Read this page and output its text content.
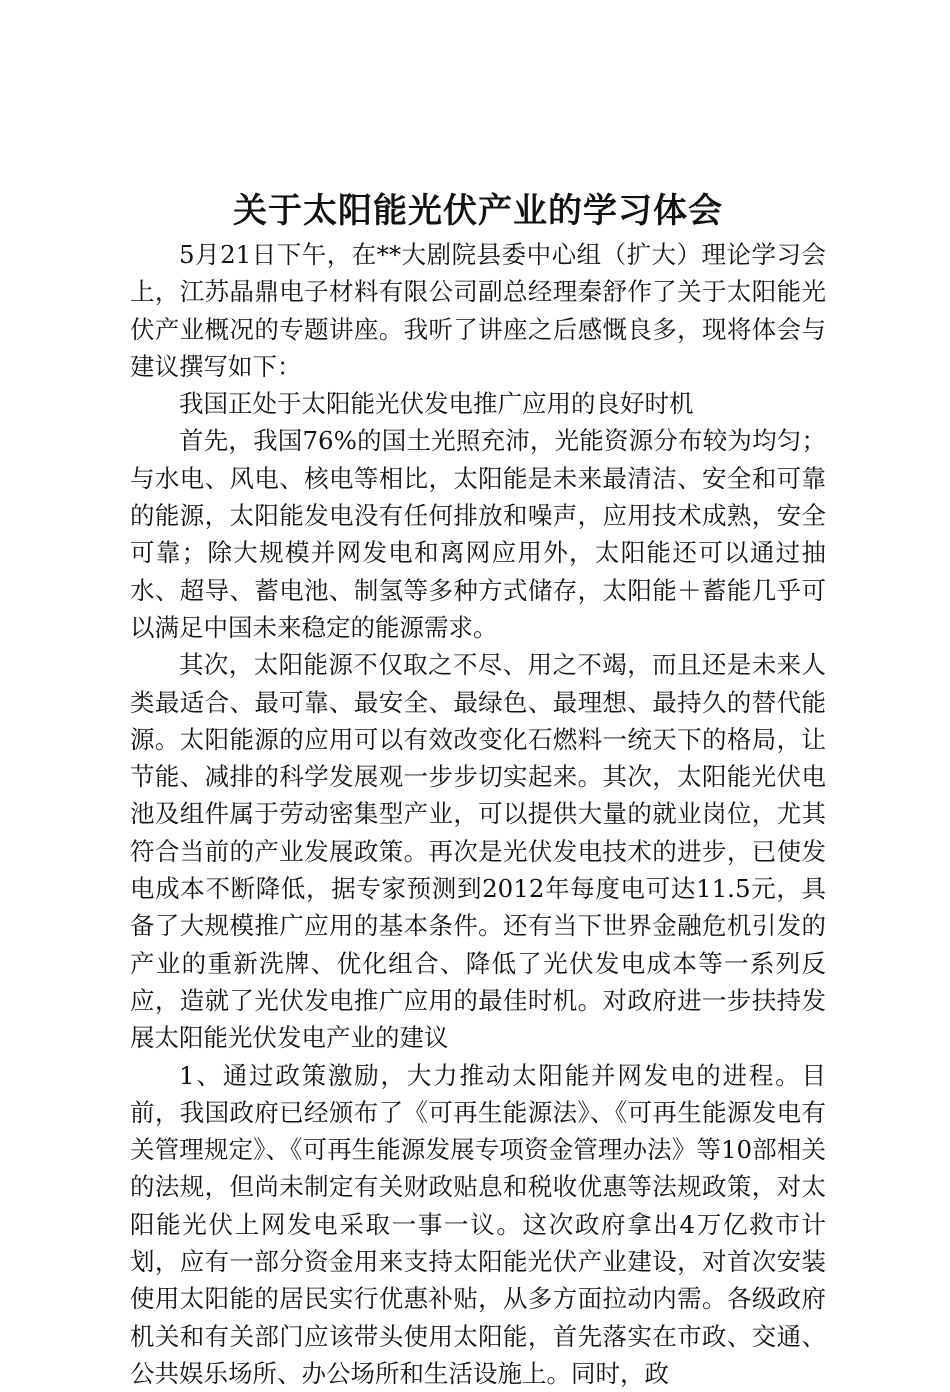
关于太阳能光伏产业的学习体会

5月21日下午，在**大剧院县委中心组（扩大）理论学习会上，江苏晶鼎电子材料有限公司副总经理秦舒作了关于太阳能光伏产业概况的专题讲座。我听了讲座之后感慨良多，现将体会与建议撰写如下：

我国正处于太阳能光伏发电推广应用的良好时机

首先，我国76%的国土光照充沛，光能资源分布较为均匀；与水电、风电、核电等相比，太阳能是未来最清洁、安全和可靠的能源，太阳能发电没有任何排放和噪声，应用技术成熟，安全可靠；除大规模并网发电和离网应用外，太阳能还可以通过抽水、超导、蓄电池、制氢等多种方式储存，太阳能＋蓄能几乎可以满足中国未来稳定的能源需求。

其次，太阳能源不仅取之不尽、用之不竭，而且还是未来人类最适合、最可靠、最安全、最绿色、最理想、最持久的替代能源。太阳能源的应用可以有效改变化石燃料一统天下的格局，让节能、减排的科学发展观一步步切实起来。其次，太阳能光伏电池及组件属于劳动密集型产业，可以提供大量的就业岗位，尤其符合当前的产业发展政策。再次是光伏发电技术的进步，已使发电成本不断降低，据专家预测到2012年每度电可达11.5元，具备了大规模推广应用的基本条件。还有当下世界金融危机引发的产业的重新洗牌、优化组合、降低了光伏发电成本等一系列反应，造就了光伏发电推广应用的最佳时机。对政府进一步扶持发展太阳能光伏发电产业的建议

1、通过政策激励，大力推动太阳能并网发电的进程。目前，我国政府已经颁布了《可再生能源法》、《可再生能源发电有关管理规定》、《可再生能源发展专项资金管理办法》等10部相关的法规，但尚未制定有关财政贴息和税收优惠等法规政策，对太阳能光伏上网发电采取一事一议。这次政府拿出4万亿救市计划，应有一部分资金用来支持太阳能光伏产业建设，对首次安装使用太阳能的居民实行优惠补贴，从多方面拉动内需。各级政府机关和有关部门应该带头使用太阳能，首先落实在市政、交通、公共娱乐场所、办公场所和生活设施上。同时，政
